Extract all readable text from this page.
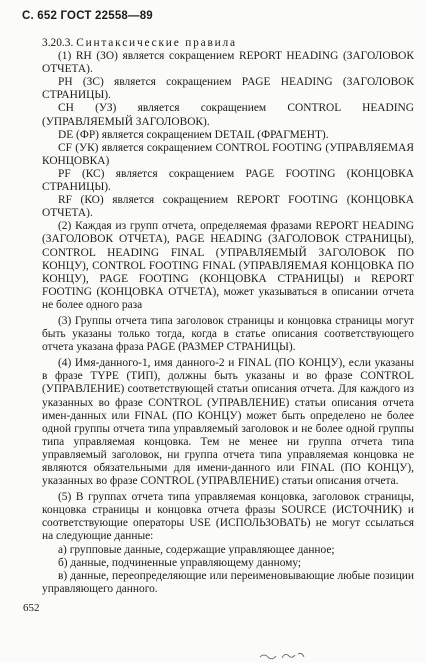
С. 652 ГОСТ 22558—89

3.20.3. Синтаксические правила

(1) RH (ЗО) является сокращением REPORT HEADING (ЗАГОЛОВОК ОТЧЕТА).

PH (ЗС) является сокращением PAGE HEADING (ЗАГОЛОВОК СТРАНИЦЫ).

CH (УЗ) является сокращением CONTROL HEADING (УПРАВЛЯЕМЫЙ ЗАГОЛОВОК).

DE (ФР) является сокращением DETAIL (ФРАГМЕНТ).

CF (УК) является сокращением CONTROL FOOTING (УПРАВЛЯЕМАЯ КОНЦОВКА)

PF (КС) является сокращением PAGE FOOTING (КОНЦОВКА СТРАНИЦЫ).

RF (КО) является сокращением REPORT FOOTING (КОНЦОВКА ОТЧЕТА).

(2) Каждая из групп отчета, определяемая фразами REPORT HEADING (ЗАГОЛОВОК ОТЧЕТА), PAGE HEADING (ЗАГОЛОВОК СТРАНИЦЫ), CONTROL HEADING FINAL (УПРАВЛЯЕМЫЙ ЗАГОЛОВОК ПО КОНЦУ), CONTROL FOOTING FINAL (УПРАВЛЯЕМАЯ КОНЦОВКА ПО КОНЦУ), PAGE FOOTING (КОНЦОВКА СТРАНИЦЫ) и REPORT FOOTING (КОНЦОВКА ОТЧЕТА), может указываться в описании отчета не более одного раза

(3) Группы отчета типа заголовок страницы и концовка страницы могут быть указаны только тогда, когда в статье описания соответствующего отчета указана фраза PAGE (РАЗМЕР СТРАНИЦЫ).

(4) Имя-данного-1, имя данного-2 и FINAL (ПО КОНЦУ), если указаны в фразе TYPE (ТИП), должны быть указаны и во фразе CONTROL (УПРАВЛЕНИЕ) соответствующей статьи описания отчета. Для каждого из указанных во фразе CONTROL (УПРАВЛЕНИЕ) статьи описания отчета имен-данных или FINAL (ПО КОНЦУ) может быть определено не более одной группы отчета типа управляемый заголовок и не более одной группы типа управляемая концовка. Тем не менее ни группа отчета типа управляемый заголовок, ни группа отчета типа управляемая концовка не являются обязательными для имени-данного или FINAL (ПО КОНЦУ), указанных во фразе CONTROL (УПРАВЛЕНИЕ) статьи описания отчета.

(5) В группах отчета типа управляемая концовка, заголовок страницы, концовка страницы и концовка отчета фразы SOURCE (ИСТОЧНИК) и соответствующие операторы USE (ИСПОЛЬЗОВАТЬ) не могут ссылаться на следующие данные:

а) групповые данные, содержащие управляющее данное;

б) данные, подчиненные управляющему данному;

в) данные, переопределяющие или переименовывающие любые позиции управляющего данного.

652
